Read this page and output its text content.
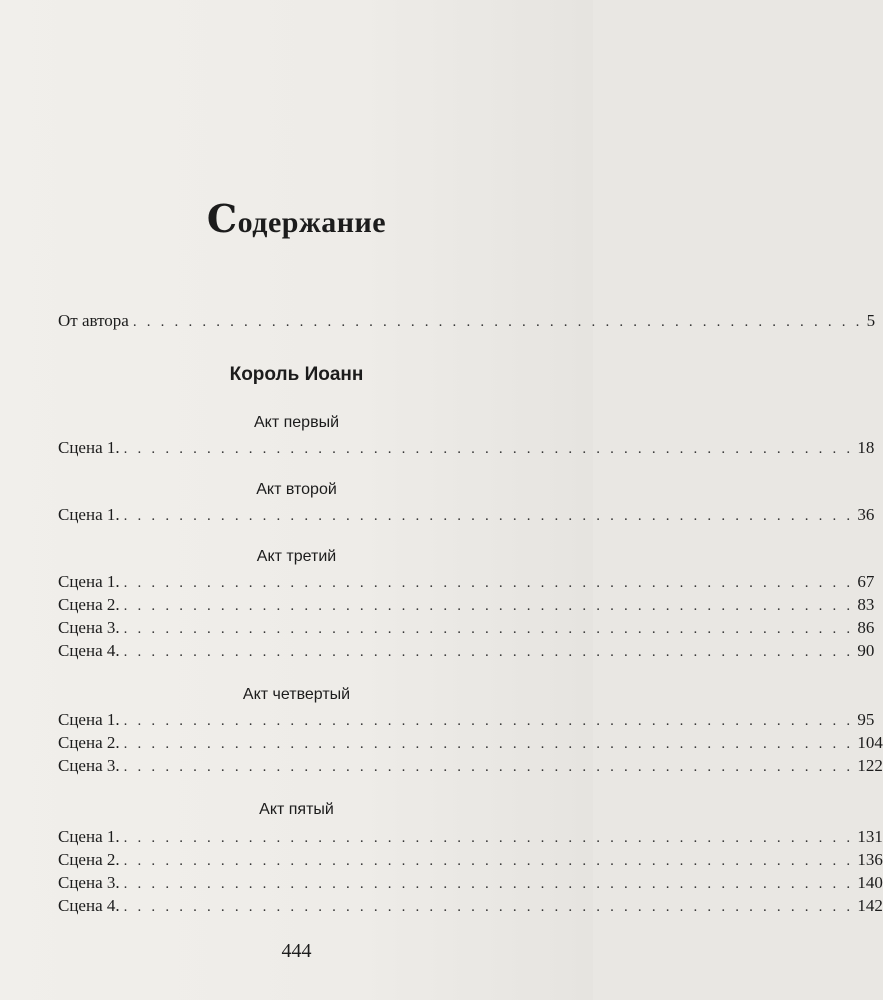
Содержание
От автора . . . . . . . . . . . . . . . . . . . . . . . . . . . . . . . . . . . . . . . . . . . . . . . . . . . . . 5
Король Иоанн
Акт первый
Сцена 1. . . . . . . . . . . . . . . . . . . . . . . . . . . . . . . . . . . . . . . . . . . . . . . . . . . . . . 18
Акт второй
Сцена 1. . . . . . . . . . . . . . . . . . . . . . . . . . . . . . . . . . . . . . . . . . . . . . . . . . . . . . 36
Акт третий
Сцена 1. . . . . . . . . . . . . . . . . . . . . . . . . . . . . . . . . . . . . . . . . . . . . . . . . . . . . . 67
Сцена 2. . . . . . . . . . . . . . . . . . . . . . . . . . . . . . . . . . . . . . . . . . . . . . . . . . . . . . 83
Сцена 3. . . . . . . . . . . . . . . . . . . . . . . . . . . . . . . . . . . . . . . . . . . . . . . . . . . . . . 86
Сцена 4. . . . . . . . . . . . . . . . . . . . . . . . . . . . . . . . . . . . . . . . . . . . . . . . . . . . . . 90
Акт четвертый
Сцена 1. . . . . . . . . . . . . . . . . . . . . . . . . . . . . . . . . . . . . . . . . . . . . . . . . . . . . . 95
Сцена 2. . . . . . . . . . . . . . . . . . . . . . . . . . . . . . . . . . . . . . . . . . . . . . . . . . . . . . 104
Сцена 3. . . . . . . . . . . . . . . . . . . . . . . . . . . . . . . . . . . . . . . . . . . . . . . . . . . . . . 122
Акт пятый
Сцена 1. . . . . . . . . . . . . . . . . . . . . . . . . . . . . . . . . . . . . . . . . . . . . . . . . . . . . . 131
Сцена 2. . . . . . . . . . . . . . . . . . . . . . . . . . . . . . . . . . . . . . . . . . . . . . . . . . . . . . 136
Сцена 3. . . . . . . . . . . . . . . . . . . . . . . . . . . . . . . . . . . . . . . . . . . . . . . . . . . . . . 140
Сцена 4. . . . . . . . . . . . . . . . . . . . . . . . . . . . . . . . . . . . . . . . . . . . . . . . . . . . . . 142
444
